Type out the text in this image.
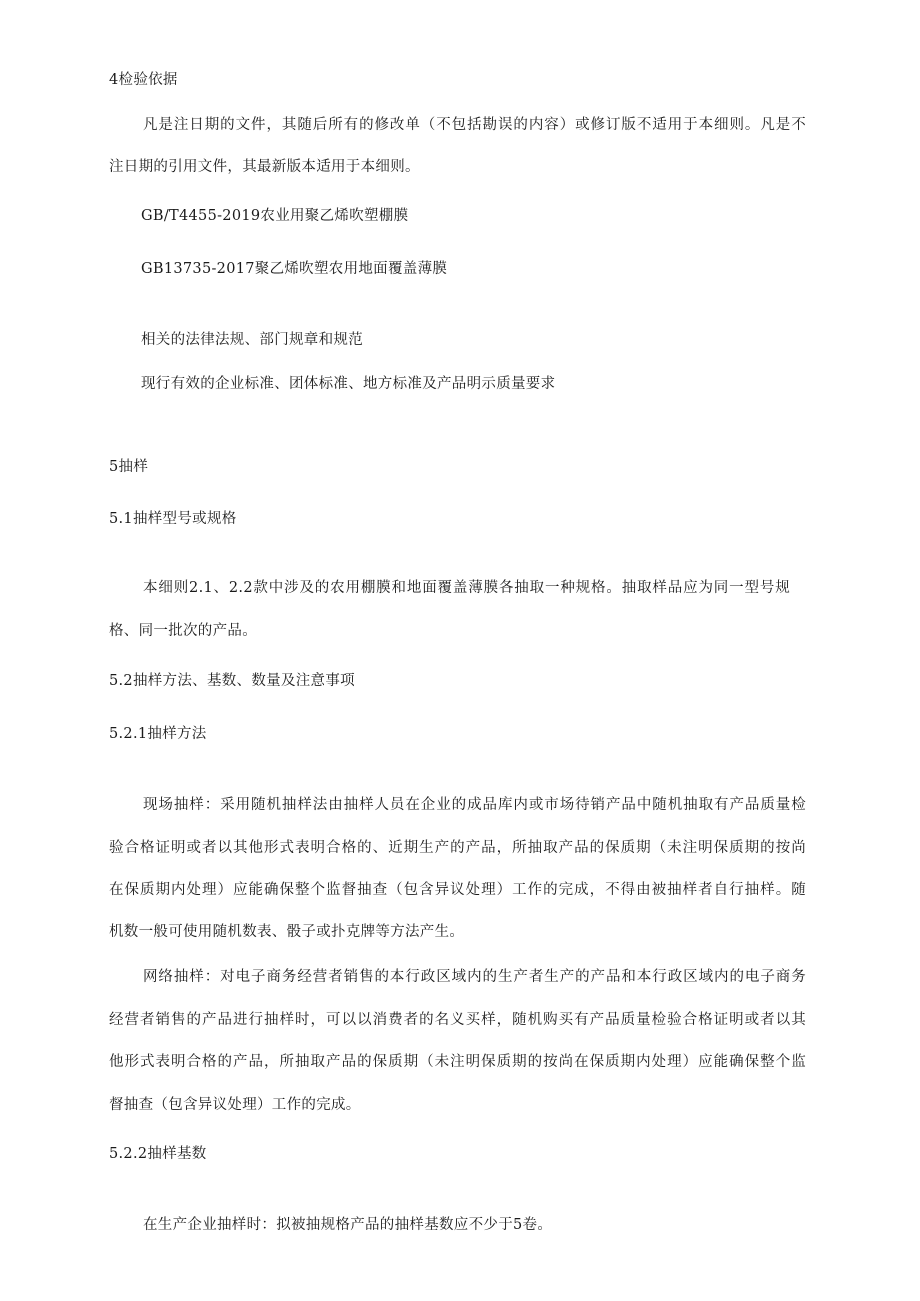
4检验依据
凡是注日期的文件，其随后所有的修改单（不包括勘误的内容）或修订版不适用于本细则。凡是不
注日期的引用文件，其最新版本适用于本细则。
GB/T4455-2019农业用聚乙烯吹塑棚膜
GB13735-2017聚乙烯吹塑农用地面覆盖薄膜
相关的法律法规、部门规章和规范
现行有效的企业标准、团体标准、地方标准及产品明示质量要求
5抽样
5.1抽样型号或规格
本细则2.1、2.2款中涉及的农用棚膜和地面覆盖薄膜各抽取一种规格。抽取样品应为同一型号规
格、同一批次的产品。
5.2抽样方法、基数、数量及注意事项
5.2.1抽样方法
现场抽样：采用随机抽样法由抽样人员在企业的成品库内或市场待销产品中随机抽取有产品质量检
验合格证明或者以其他形式表明合格的、近期生产的产品，所抽取产品的保质期（未注明保质期的按尚
在保质期内处理）应能确保整个监督抽查（包含异议处理）工作的完成，不得由被抽样者自行抽样。随
机数一般可使用随机数表、骰子或扑克牌等方法产生。
网络抽样：对电子商务经营者销售的本行政区域内的生产者生产的产品和本行政区域内的电子商务
经营者销售的产品进行抽样时，可以以消费者的名义买样，随机购买有产品质量检验合格证明或者以其
他形式表明合格的产品，所抽取产品的保质期（未注明保质期的按尚在保质期内处理）应能确保整个监
督抽查（包含异议处理）工作的完成。
5.2.2抽样基数
在生产企业抽样时：拟被抽规格产品的抽样基数应不少于5卷。
